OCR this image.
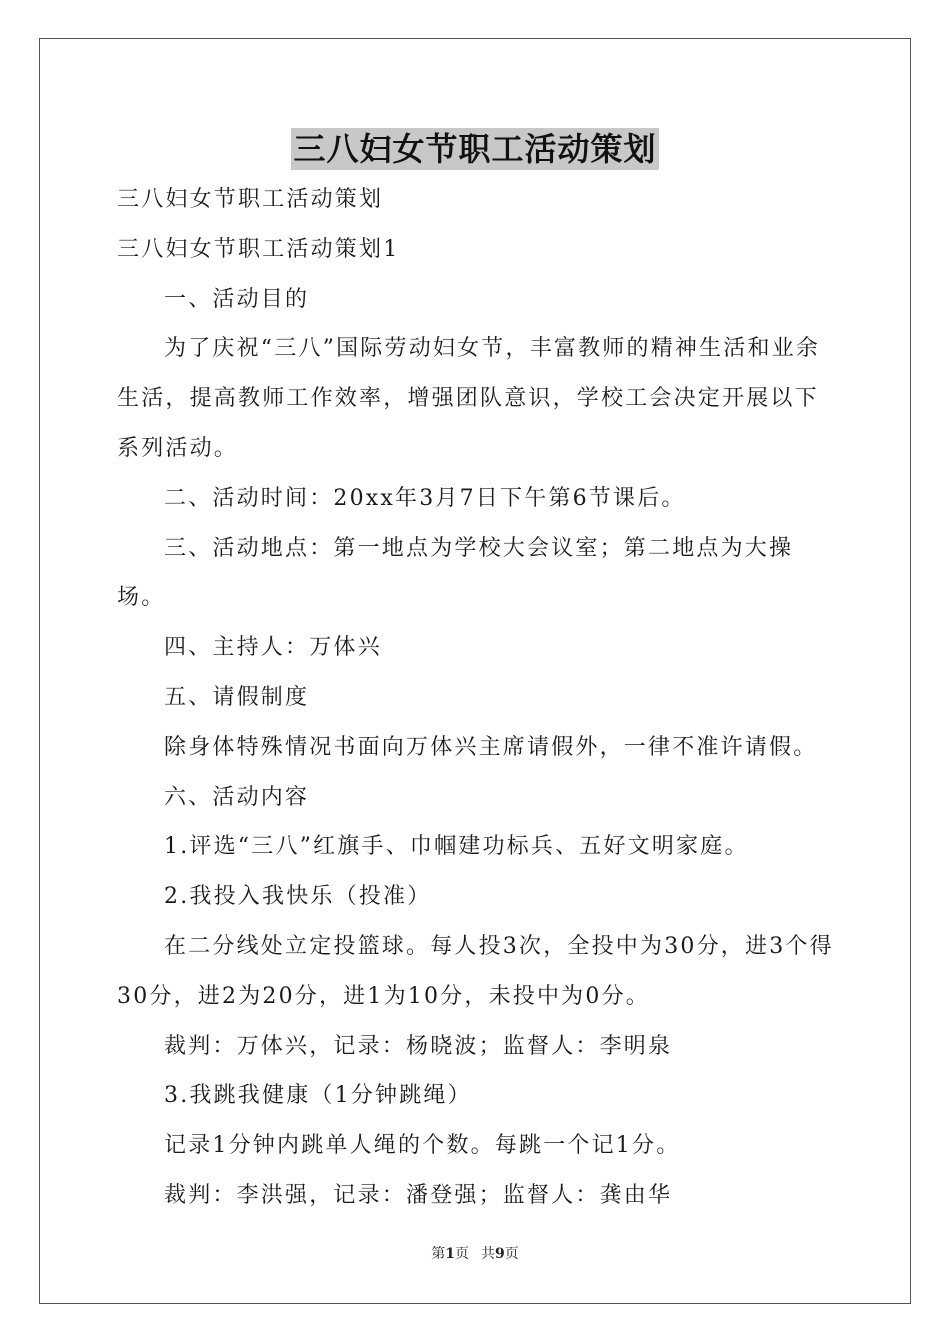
三八妇女节职工活动策划

三八妇女节职工活动策划

三八妇女节职工活动策划1

一、活动目的

为了庆祝“三八”国际劳动妇女节，丰富教师的精神生活和业余生活，提高教师工作效率，增强团队意识，学校工会决定开展以下系列活动。

二、活动时间：20xx年3月7日下午第6节课后。

三、活动地点：第一地点为学校大会议室；第二地点为大操场。

四、主持人：万体兴

五、请假制度

除身体特殊情况书面向万体兴主席请假外，一律不准许请假。

六、活动内容

1.评选“三八”红旗手、巾帼建功标兵、五好文明家庭。

2.我投入我快乐（投准）

在二分线处立定投篮球。每人投3次，全投中为30分，进3个得30分，进2为20分，进1为10分，未投中为0分。

裁判：万体兴，记录：杨晓波；监督人：李明泉

3.我跳我健康（1分钟跳绳）

记录1分钟内跳单人绳的个数。每跳一个记1分。

裁判：李洪强，记录：潘登强；监督人：龚由华

第1页 共9页
